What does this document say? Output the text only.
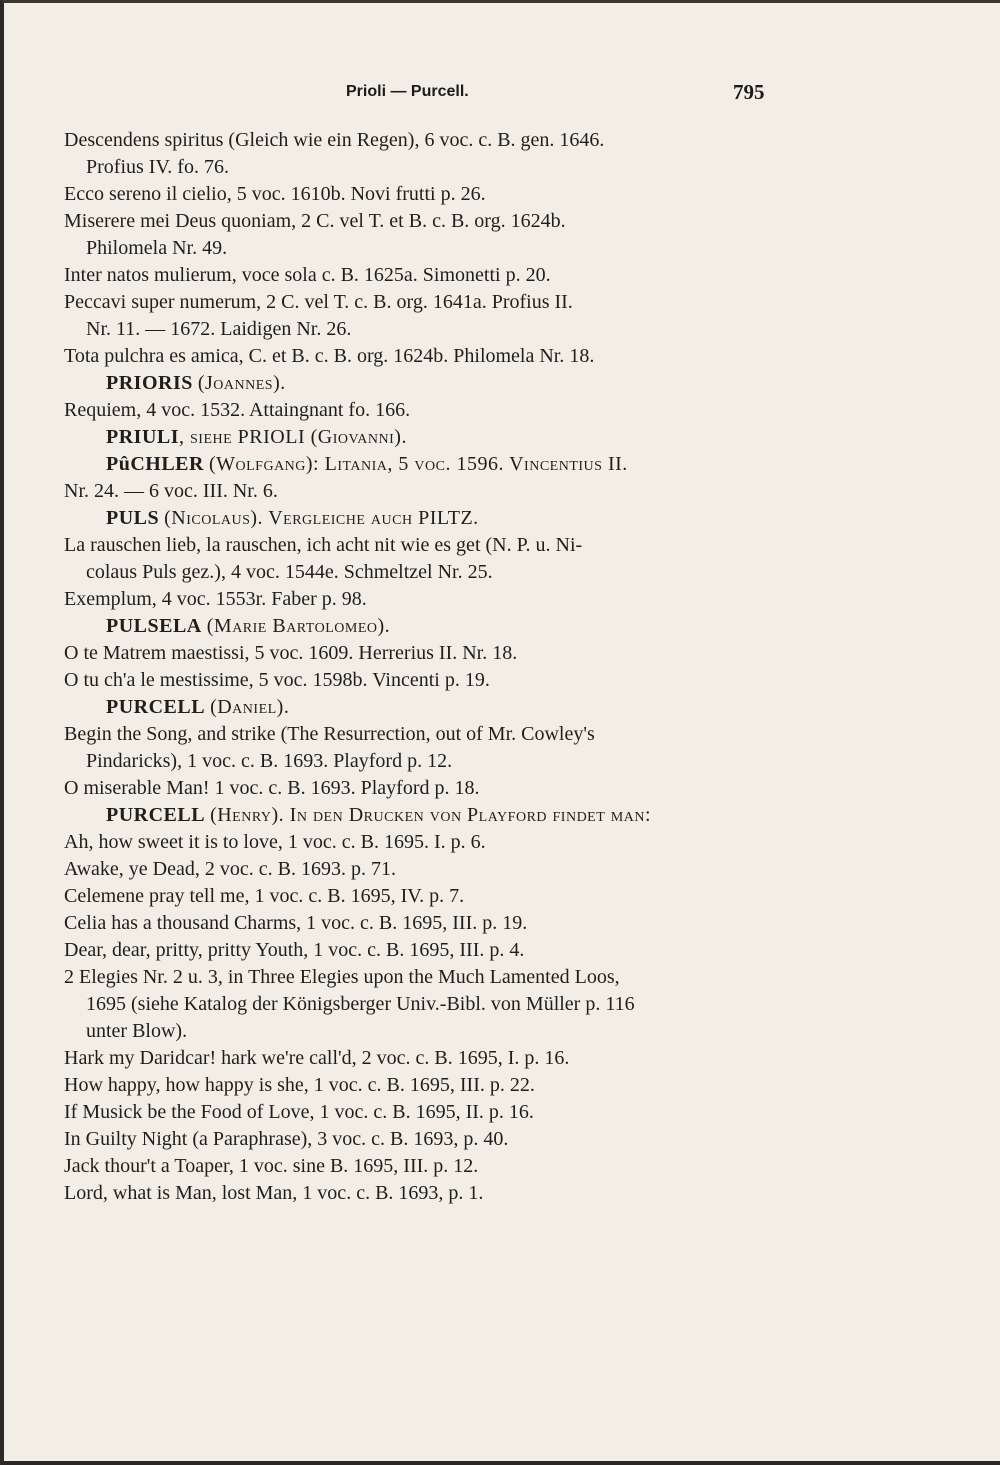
Prioli — Purcell.	795
Descendens spiritus (Gleich wie ein Regen), 6 voc. c. B. gen. 1646.
Profius IV. fo. 76.
Ecco sereno il cielio, 5 voc. 1610b. Novi frutti p. 26.
Miserere mei Deus quoniam, 2 C. vel T. et B. c. B. org. 1624b.
Philomela Nr. 49.
Inter natos mulierum, voce sola c. B. 1625a. Simonetti p. 20.
Peccavi super numerum, 2 C. vel T. c. B. org. 1641a. Profius II.
Nr. 11. — 1672. Laidigen Nr. 26.
Tota pulchra es amica, C. et B. c. B. org. 1624b. Philomela Nr. 18.
PRIORIS (Joannes).
Requiem, 4 voc. 1532. Attaingnant fo. 166.
PRIULI, siehe PRIOLI (Giovanni).
PûCHLER (Wolfgang): Litania, 5 voc. 1596. Vincentius II.
Nr. 24. — 6 voc. III. Nr. 6.
PULS (Nicolaus). Vergleiche auch PILTZ.
La rauschen lieb, la rauschen, ich acht nit wie es get (N. P. u. Ni-
colaus Puls gez.), 4 voc. 1544e. Schmeltzel Nr. 25.
Exemplum, 4 voc. 1553r. Faber p. 98.
PULSELA (Marie Bartolomeo).
O te Matrem maestissi, 5 voc. 1609. Herrerius II. Nr. 18.
O tu ch'a le mestissime, 5 voc. 1598b. Vincenti p. 19.
PURCELL (Daniel).
Begin the Song, and strike (The Resurrection, out of Mr. Cowley's
Pindaricks), 1 voc. c. B. 1693. Playford p. 12.
O miserable Man! 1 voc. c. B. 1693. Playford p. 18.
PURCELL (Henry). In den Drucken von Playford findet man:
Ah, how sweet it is to love, 1 voc. c. B. 1695. I. p. 6.
Awake, ye Dead, 2 voc. c. B. 1693. p. 71.
Celemene pray tell me, 1 voc. c. B. 1695, IV. p. 7.
Celia has a thousand Charms, 1 voc. c. B. 1695, III. p. 19.
Dear, dear, pritty, pritty Youth, 1 voc. c. B. 1695, III. p. 4.
2 Elegies Nr. 2 u. 3, in Three Elegies upon the Much Lamented Loos,
1695 (siehe Katalog der Königsberger Univ.-Bibl. von Müller p. 116
unter Blow).
Hark my Daridcar! hark we're call'd, 2 voc. c. B. 1695, I. p. 16.
How happy, how happy is she, 1 voc. c. B. 1695, III. p. 22.
If Musick be the Food of Love, 1 voc. c. B. 1695, II. p. 16.
In Guilty Night (a Paraphrase), 3 voc. c. B. 1693, p. 40.
Jack thour't a Toaper, 1 voc. sine B. 1695, III. p. 12.
Lord, what is Man, lost Man, 1 voc. c. B. 1693, p. 1.
